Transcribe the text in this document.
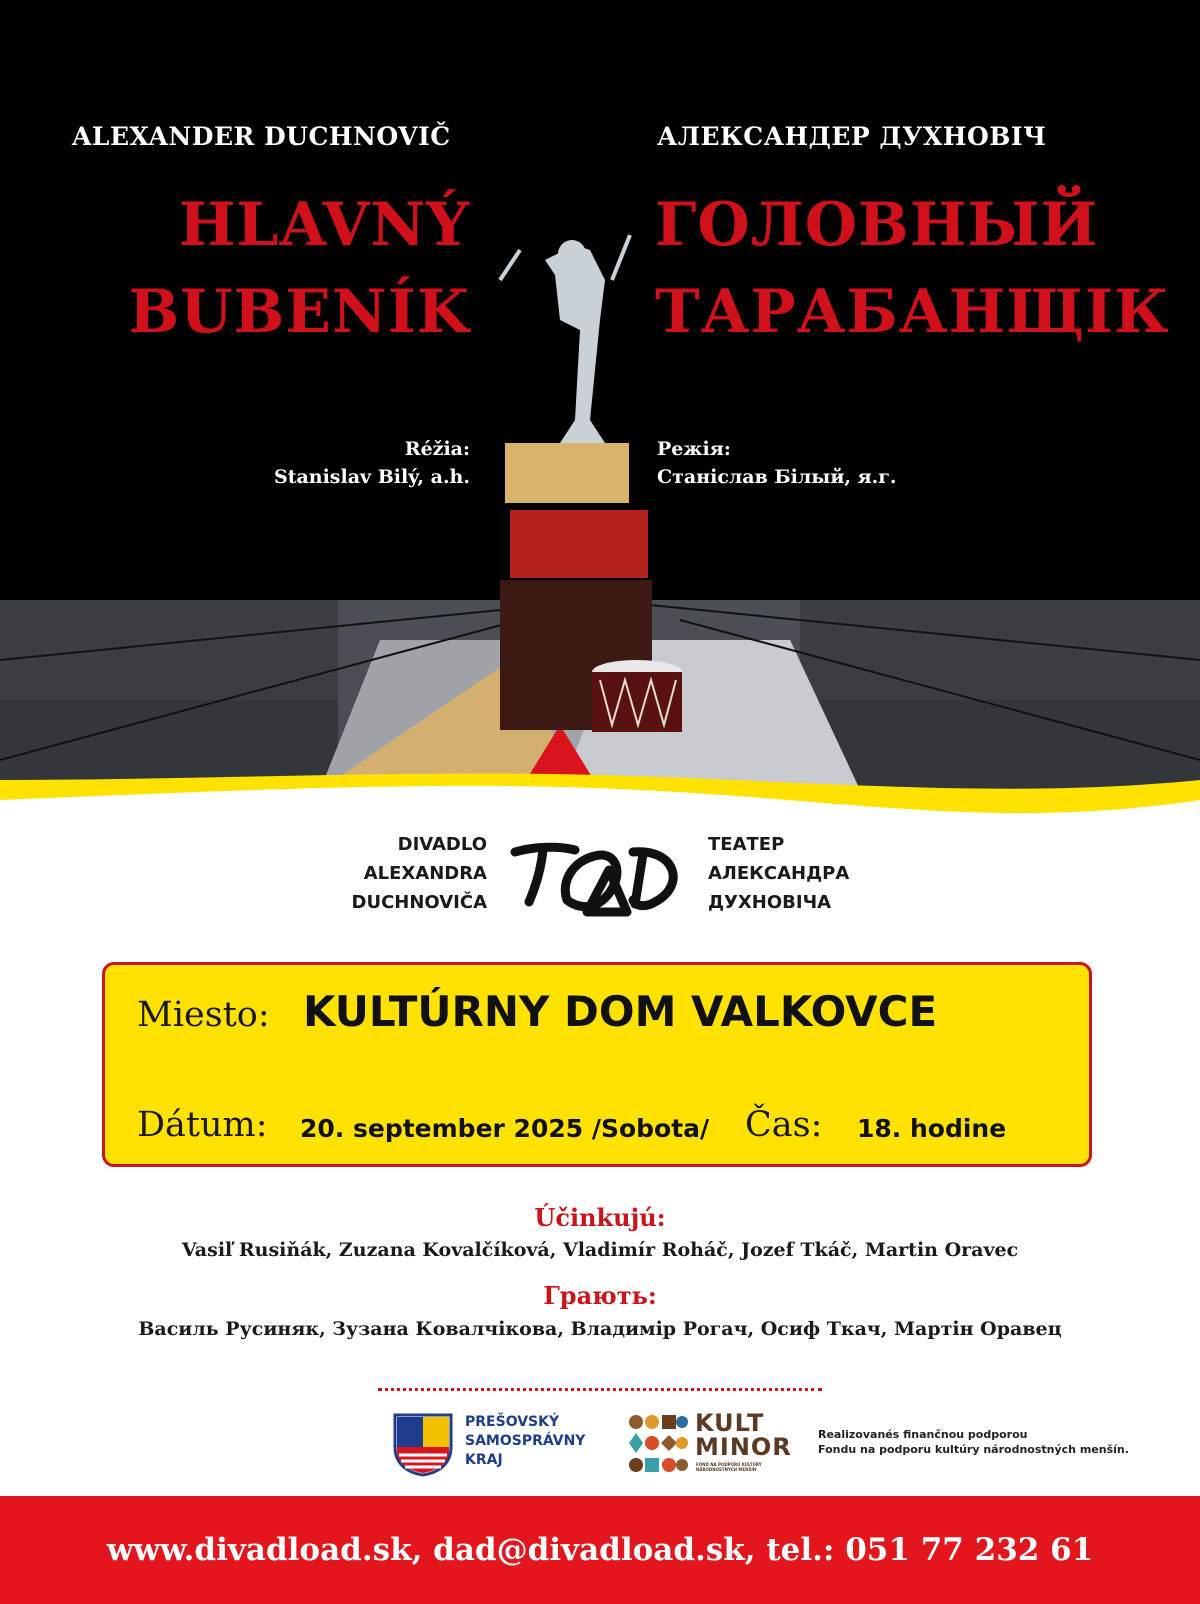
ALEXANDER DUCHNOVIČ	АЛЕКСАНДЕР ДУХНОВІЧ
HLAVNÝ
BUBENÍK
ГОЛОВНЫЙ
ТАРАБАНЩІК
Réžia:
Stanislav Bilý, a.h.
Режія:
Станіслав Білый, я.г.
DIVADLO
ALEXANDRA
DUCHNOVIČA
ТЕАТЕР
АЛЕКСАНДРА
ДУХНОВІЧА
Miesto: KULTÚRNY DOM VALKOVCE
Dátum: 20. september 2025 /Sobota/ Čas: 18. hodine
Účinkujú:
Vasiľ Rusiňák, Zuzana Kovalčíková, Vladimír Roháč, Jozef Tkáč, Martin Oravec
Грають:
Василь Русиняк, Зузана Ковалчікова, Владимір Рогач, Осиф Ткач, Мартін Оравец
PREŠOVSKÝ
SAMOSPRÁVNY
KRAJ
KULT
MINOR
FOND NA PODPORU KULTÚRY NÁRODNOSTNÝCH MENŠÍN
Realizovanés finančnou podporou
Fondu na podporu kultúry národnostných menšín.
www.divadload.sk, dad@divadload.sk, tel.: 051 77 232 61
